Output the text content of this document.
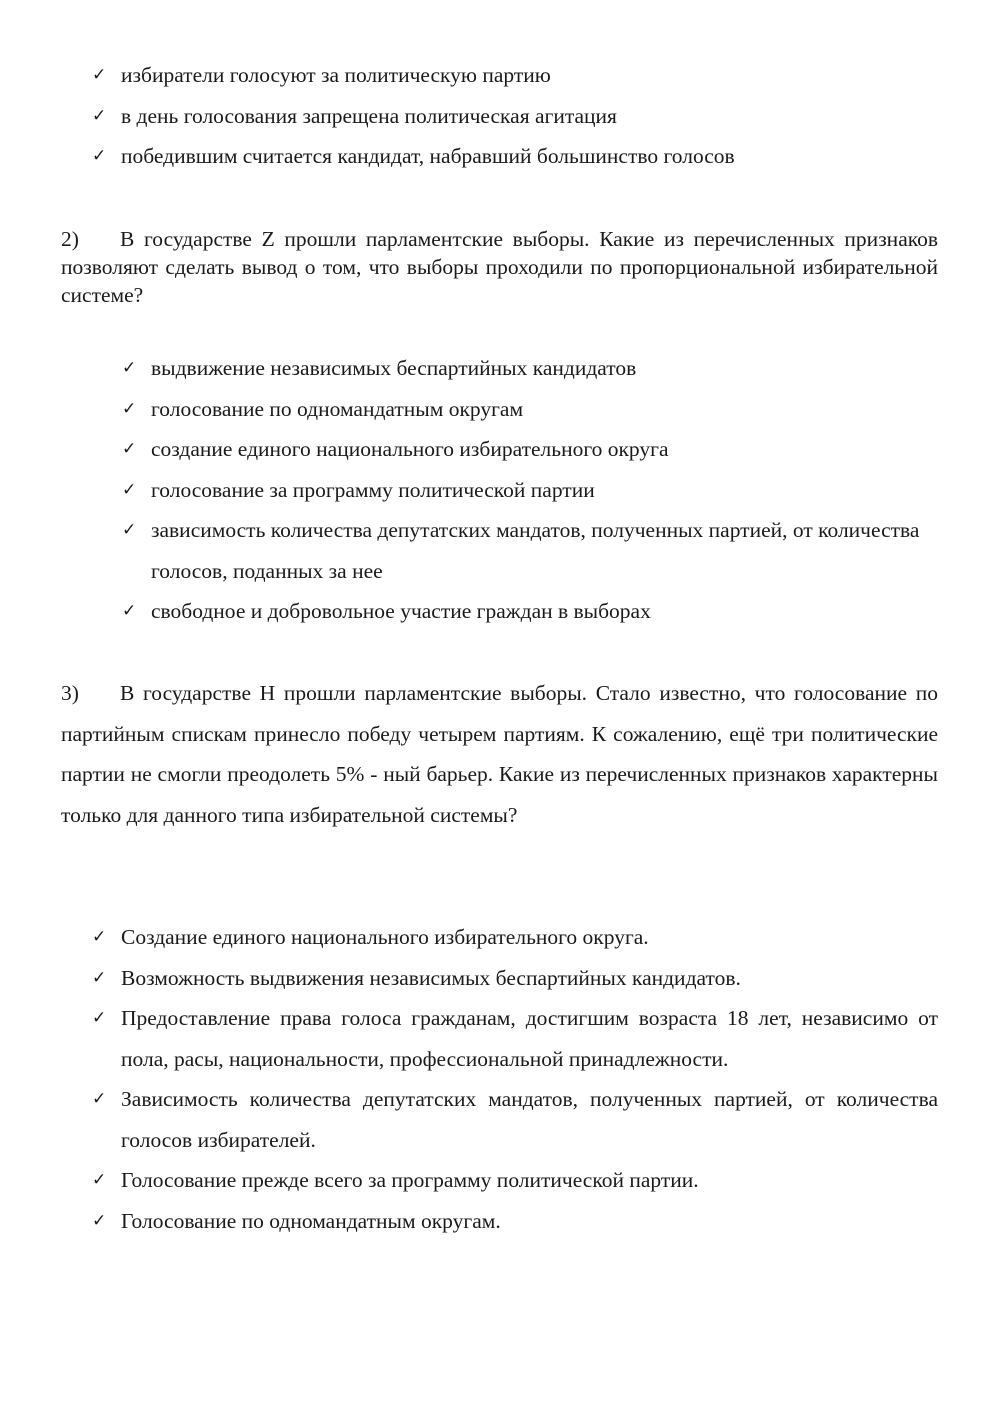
✓ избиратели голосуют за политическую партию
✓ в день голосования запрещена политическая агитация
✓ победившим считается кандидат, набравший большинство голосов

2) В государстве Z прошли парламентские выборы. Какие из перечисленных признаков позволяют сделать вывод о том, что выборы проходили по пропорциональной избирательной системе?

✓ выдвижение независимых беспартийных кандидатов
✓ голосование по одномандатным округам
✓ создание единого национального избирательного округа
✓ голосование за программу политической партии
✓ зависимость количества депутатских мандатов, полученных партией, от количества голосов, поданных за нее
✓ свободное и добровольное участие граждан в выборах

3) В государстве Н прошли парламентские выборы. Стало известно, что голосование по партийным спискам принесло победу четырем партиям. К сожалению, ещё три политические партии не смогли преодолеть 5% - ный барьер. Какие из перечисленных признаков характерны только для данного типа избирательной системы?

✓ Создание единого национального избирательного округа.
✓ Возможность выдвижения независимых беспартийных кандидатов.
✓ Предоставление права голоса гражданам, достигшим возраста 18 лет, независимо от пола, расы, национальности, профессиональной принадлежности.
✓ Зависимость количества депутатских мандатов, полученных партией, от количества голосов избирателей.
✓ Голосование прежде всего за программу политической партии.
✓ Голосование по одномандатным округам.
